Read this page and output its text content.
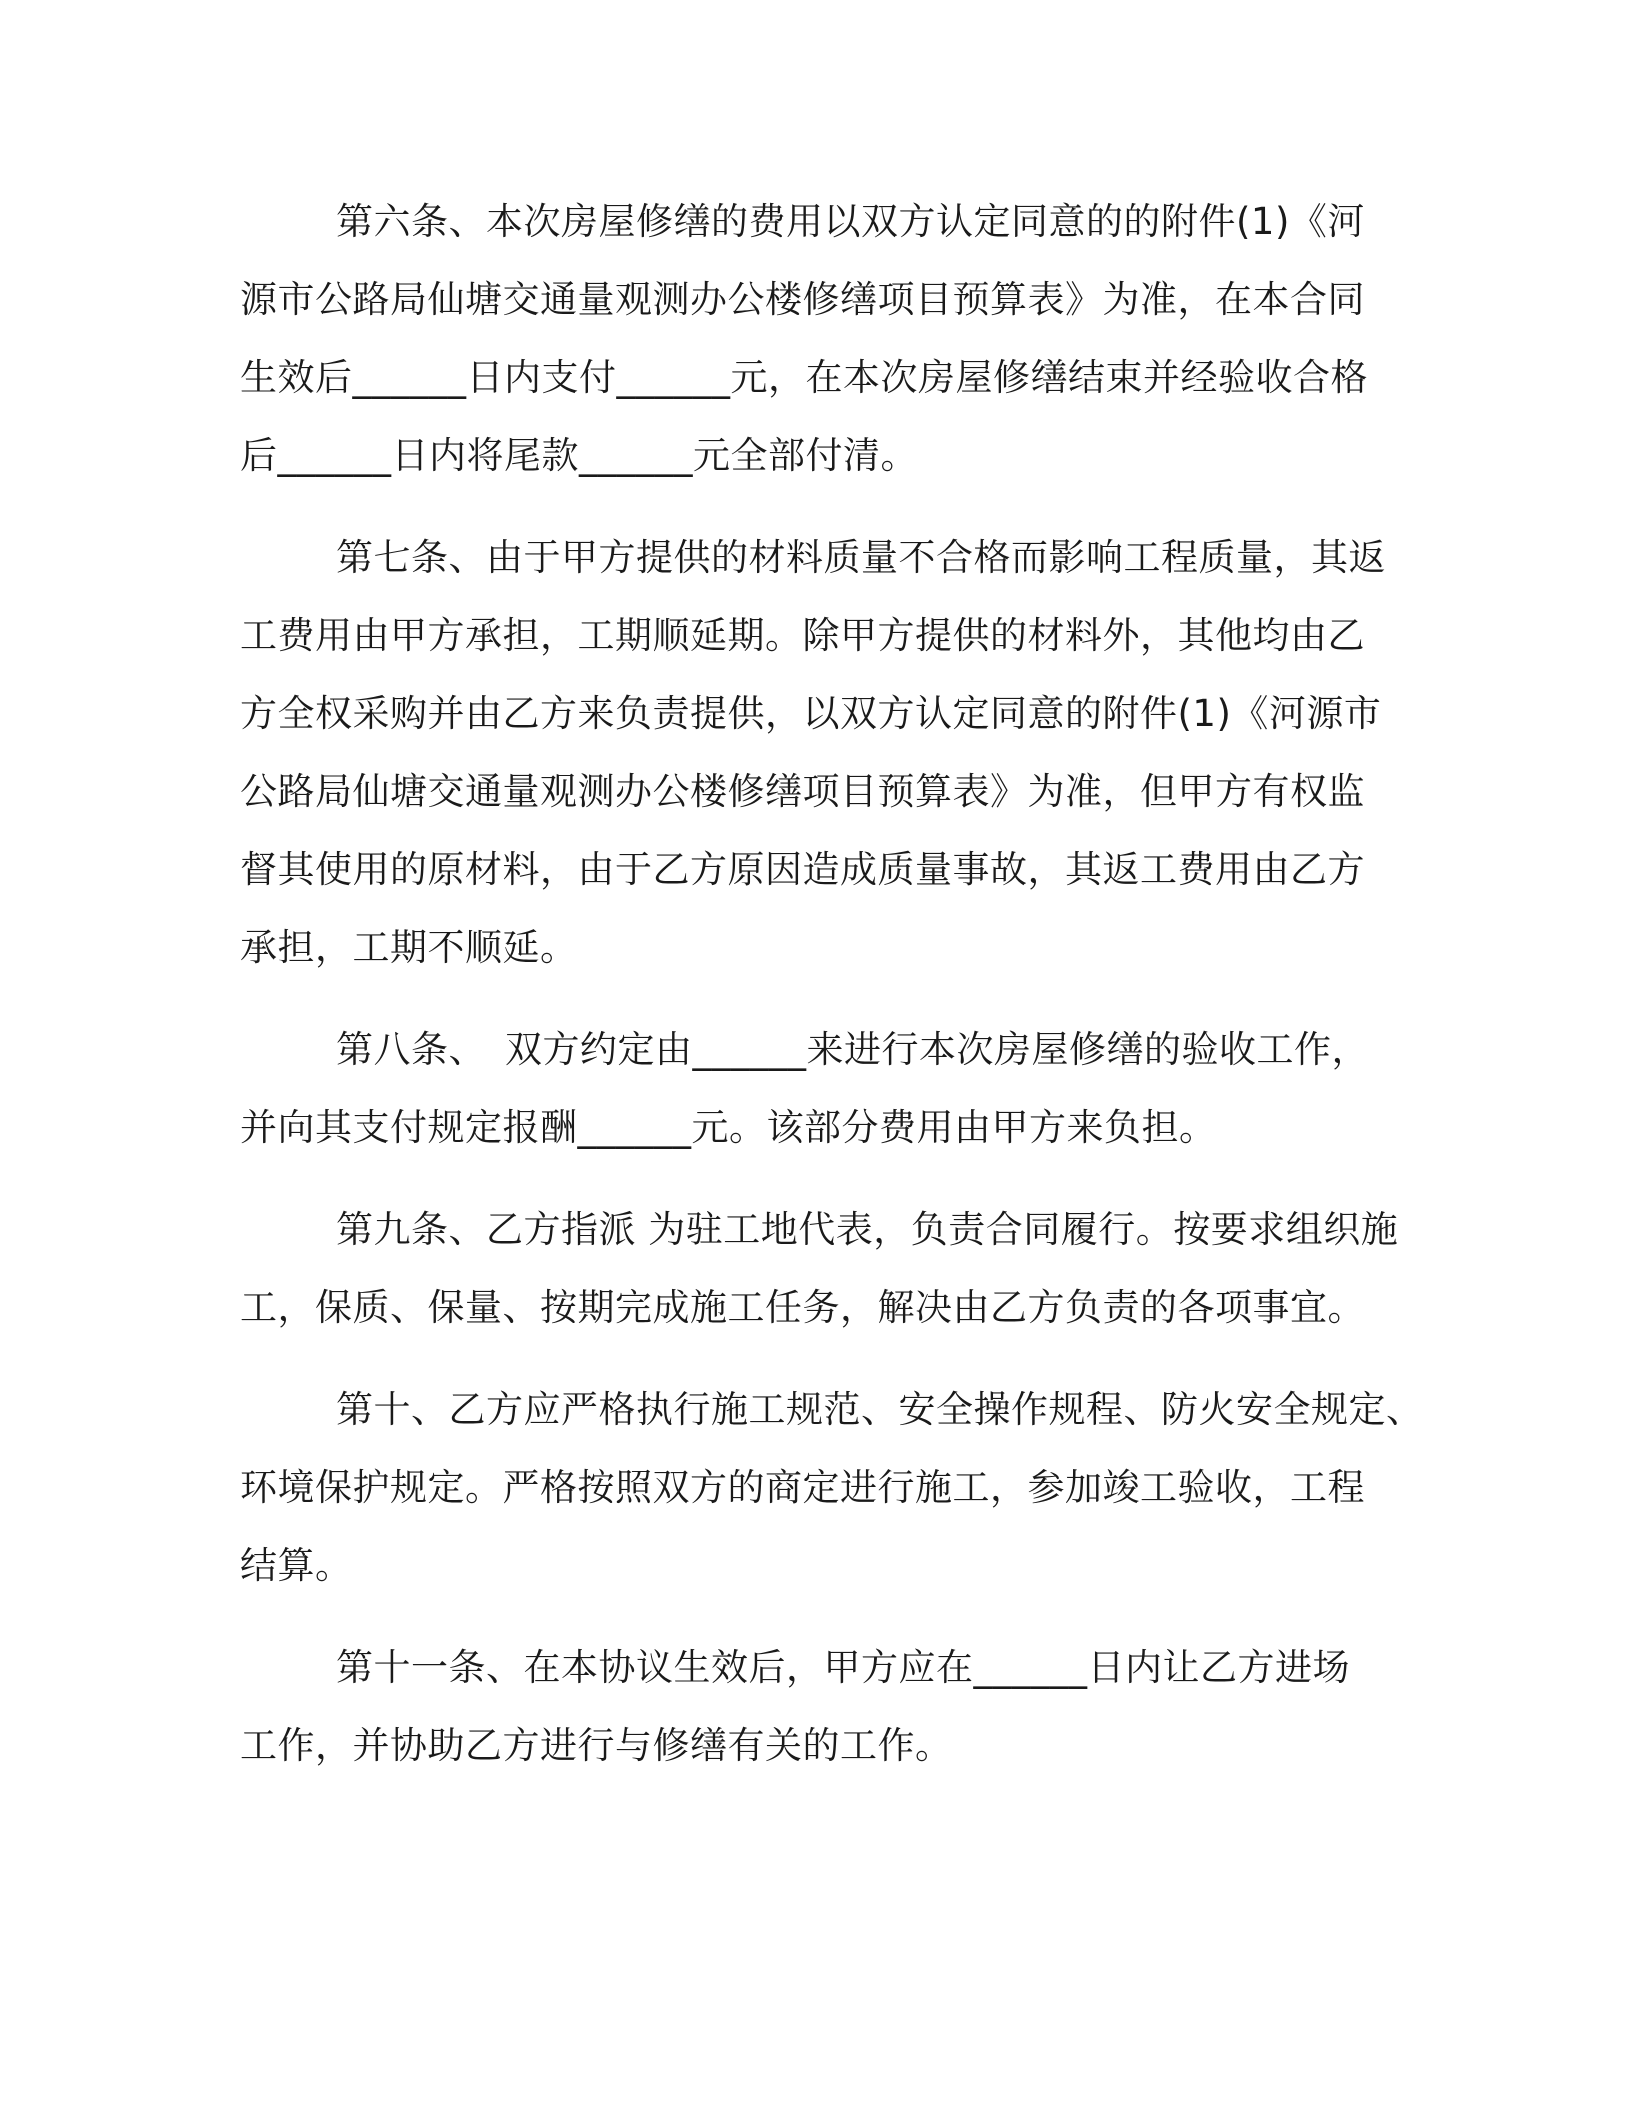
第六条、本次房屋修缮的费用以双方认定同意的的附件(1)《河
源市公路局仙塘交通量观测办公楼修缮项目预算表》为准，在本合同
生效后______日内支付______元，在本次房屋修缮结束并经验收合格
后______日内将尾款______元全部付清。

第七条、由于甲方提供的材料质量不合格而影响工程质量，其返
工费用由甲方承担，工期顺延期。除甲方提供的材料外，其他均由乙
方全权采购并由乙方来负责提供，以双方认定同意的附件(1)《河源市
公路局仙塘交通量观测办公楼修缮项目预算表》为准，但甲方有权监
督其使用的原材料，由于乙方原因造成质量事故，其返工费用由乙方
承担，工期不顺延。

第八条、　双方约定由______来进行本次房屋修缮的验收工作，
并向其支付规定报酬______元。该部分费用由甲方来负担。

第九条、乙方指派 为驻工地代表，负责合同履行。按要求组织施
工，保质、保量、按期完成施工任务，解决由乙方负责的各项事宜。

第十、乙方应严格执行施工规范、安全操作规程、防火安全规定、
环境保护规定。严格按照双方的商定进行施工，参加竣工验收，工程
结算。

第十一条、在本协议生效后，甲方应在______日内让乙方进场
工作，并协助乙方进行与修缮有关的工作。
